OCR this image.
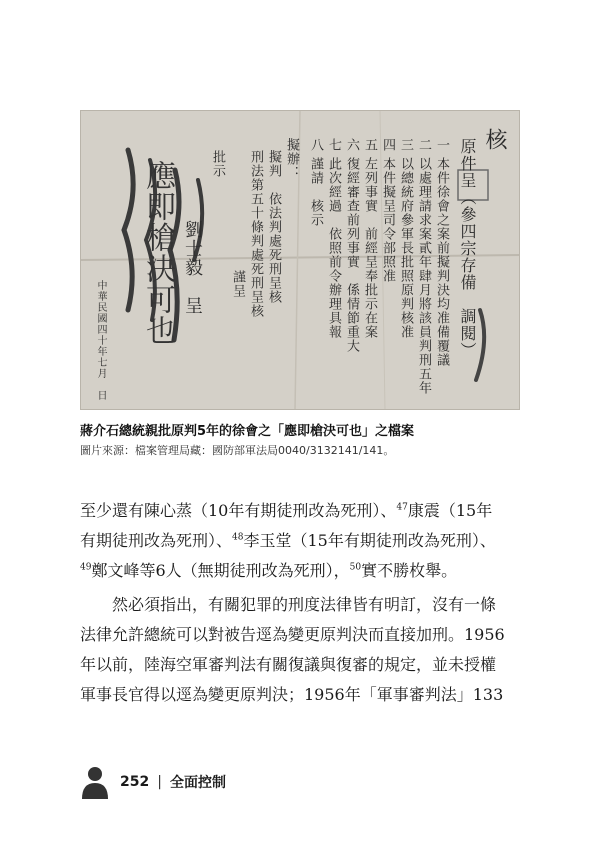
核
原件呈（參四宗存備　調閱）
一 本件徐會之案前擬判決均准備覆議
二 以處理請求案貳年肆月將該員判刑五年
三 以總統府參軍長批照原判核准
四 本件擬呈司令部照准
五 左列事實　前經呈奉批示在案
六 復經審查前列事實　係情節重大
七 此次經過　依照前令辦理具報
八 謹請　核示
擬辦：
擬判　依法判處死刑呈核
刑法第五十條判處死刑呈核
謹呈
批示
劉士毅　呈
中華民國四十年七月　日 應即槍決可也
蔣介石總統親批原判5年的徐會之「應即槍決可也」之檔案
圖片來源：檔案管理局藏：國防部軍法局0040/3132141/141。
至少還有陳心蒸（10年有期徒刑改為死刑）、$^{47}$康震（15年
有期徒刑改為死刑）、$^{48}$李玉堂（15年有期徒刑改為死刑）、
$^{49}$鄭文峰等6人（無期徒刑改為死刑），$^{50}$實不勝枚舉。
然必須指出，有關犯罪的刑度法律皆有明訂，沒有一條
法律允許總統可以對被告逕為變更原判決而直接加刑。1956
年以前，陸海空軍審判法有關復議與復審的規定，並未授權
軍事長官得以逕為變更原判決；1956年「軍事審判法」133
252 | 全面控制
